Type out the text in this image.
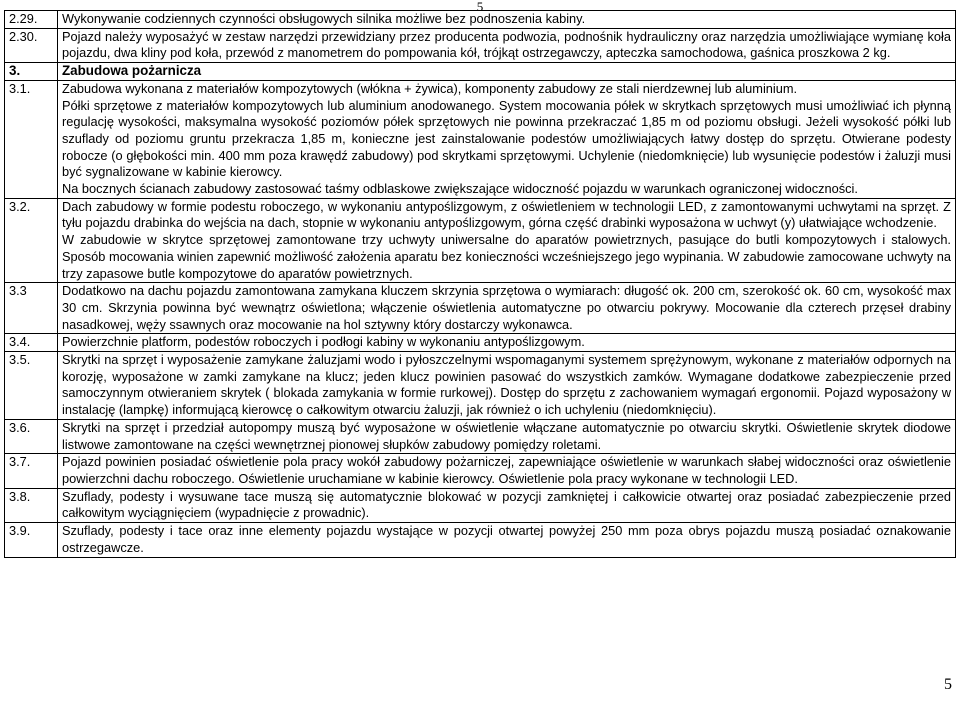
5
2.29.	Wykonywanie codziennych czynności obsługowych silnika możliwe bez podnoszenia kabiny.

2.30.	Pojazd należy wyposażyć w zestaw narzędzi przewidziany przez producenta podwozia, podnośnik hydrauliczny oraz narzędzia umożliwiające wymianę koła pojazdu, dwa kliny pod koła, przewód z manometrem do pompowania kół, trójkąt ostrzegawczy, apteczka samochodowa, gaśnica proszkowa 2 kg.

3.	Zabudowa pożarnicza

3.1.	Zabudowa wykonana z materiałów kompozytowych (włókna + żywica), komponenty zabudowy ze stali nierdzewnej lub aluminium.
Półki sprzętowe z materiałów kompozytowych lub aluminium anodowanego. System mocowania półek w skrytkach sprzętowych musi umożliwiać ich płynną regulację wysokości, maksymalna wysokość poziomów półek sprzętowych nie powinna przekraczać 1,85 m od poziomu obsługi. Jeżeli wysokość półki lub szuflady od poziomu gruntu przekracza 1,85 m, konieczne jest zainstalowanie podestów umożliwiających łatwy dostęp do sprzętu. Otwierane podesty robocze (o głębokości min. 400 mm poza krawędź zabudowy) pod skrytkami sprzętowymi. Uchylenie (niedomknięcie) lub wysunięcie podestów i żaluzji musi być sygnalizowane w kabinie kierowcy.
Na bocznych ścianach zabudowy zastosować taśmy odblaskowe zwiększające widoczność pojazdu w warunkach ograniczonej widoczności.

3.2.	Dach zabudowy w formie podestu roboczego, w wykonaniu antypoślizgowym, z oświetleniem w technologii LED, z zamontowanymi uchwytami na sprzęt. Z tyłu pojazdu drabinka do wejścia na dach, stopnie w wykonaniu antypoślizgowym, górna część drabinki wyposażona w uchwyt (y) ułatwiające wchodzenie.
W zabudowie w skrytce sprzętowej zamontowane trzy uchwyty uniwersalne do aparatów powietrznych, pasujące do butli kompozytowych i stalowych. Sposób mocowania winien zapewnić możliwość założenia aparatu bez konieczności wcześniejszego jego wypinania. W zabudowie zamocowane uchwyty na trzy zapasowe butle kompozytowe do aparatów powietrznych.

3.3	Dodatkowo na dachu pojazdu zamontowana zamykana kluczem skrzynia sprzętowa o wymiarach: długość ok. 200 cm, szerokość ok. 60 cm, wysokość max 30 cm. Skrzynia powinna być wewnątrz oświetlona; włączenie oświetlenia automatyczne po otwarciu pokrywy. Mocowanie dla czterech przęseł drabiny nasadkowej, węży ssawnych oraz mocowanie na hol sztywny który dostarczy wykonawca.

3.4.	Powierzchnie platform, podestów roboczych i podłogi kabiny w wykonaniu antypoślizgowym.

3.5.	Skrytki na sprzęt i wyposażenie zamykane żaluzjami wodo i pyłoszczelnymi wspomaganymi systemem sprężynowym, wykonane z materiałów odpornych na korozję, wyposażone w zamki zamykane na klucz; jeden klucz powinien pasować do wszystkich zamków. Wymagane dodatkowe zabezpieczenie przed samoczynnym otwieraniem skrytek ( blokada zamykania w formie rurkowej). Dostęp do sprzętu z zachowaniem wymagań ergonomii. Pojazd wyposażony w instalację (lampkę) informującą kierowcę o całkowitym otwarciu żaluzji, jak również o ich uchyleniu (niedomknięciu).

3.6.	Skrytki na sprzęt i przedział autopompy muszą być wyposażone w oświetlenie włączane automatycznie po otwarciu skrytki. Oświetlenie skrytek diodowe listwowe zamontowane na części wewnętrznej pionowej słupków zabudowy pomiędzy roletami.

3.7.	Pojazd powinien posiadać oświetlenie pola pracy wokół zabudowy pożarniczej, zapewniające oświetlenie w warunkach słabej widoczności oraz oświetlenie powierzchni dachu roboczego. Oświetlenie uruchamiane w kabinie kierowcy. Oświetlenie pola pracy wykonane w technologii LED.

3.8.	Szuflady, podesty i wysuwane tace muszą się automatycznie blokować w pozycji zamkniętej i całkowicie otwartej oraz posiadać zabezpieczenie przed całkowitym wyciągnięciem (wypadnięcie z prowadnic).

3.9.	Szuflady, podesty i tace oraz inne elementy pojazdu wystające w pozycji otwartej powyżej 250 mm poza obrys pojazdu muszą posiadać oznakowanie ostrzegawcze.
5
